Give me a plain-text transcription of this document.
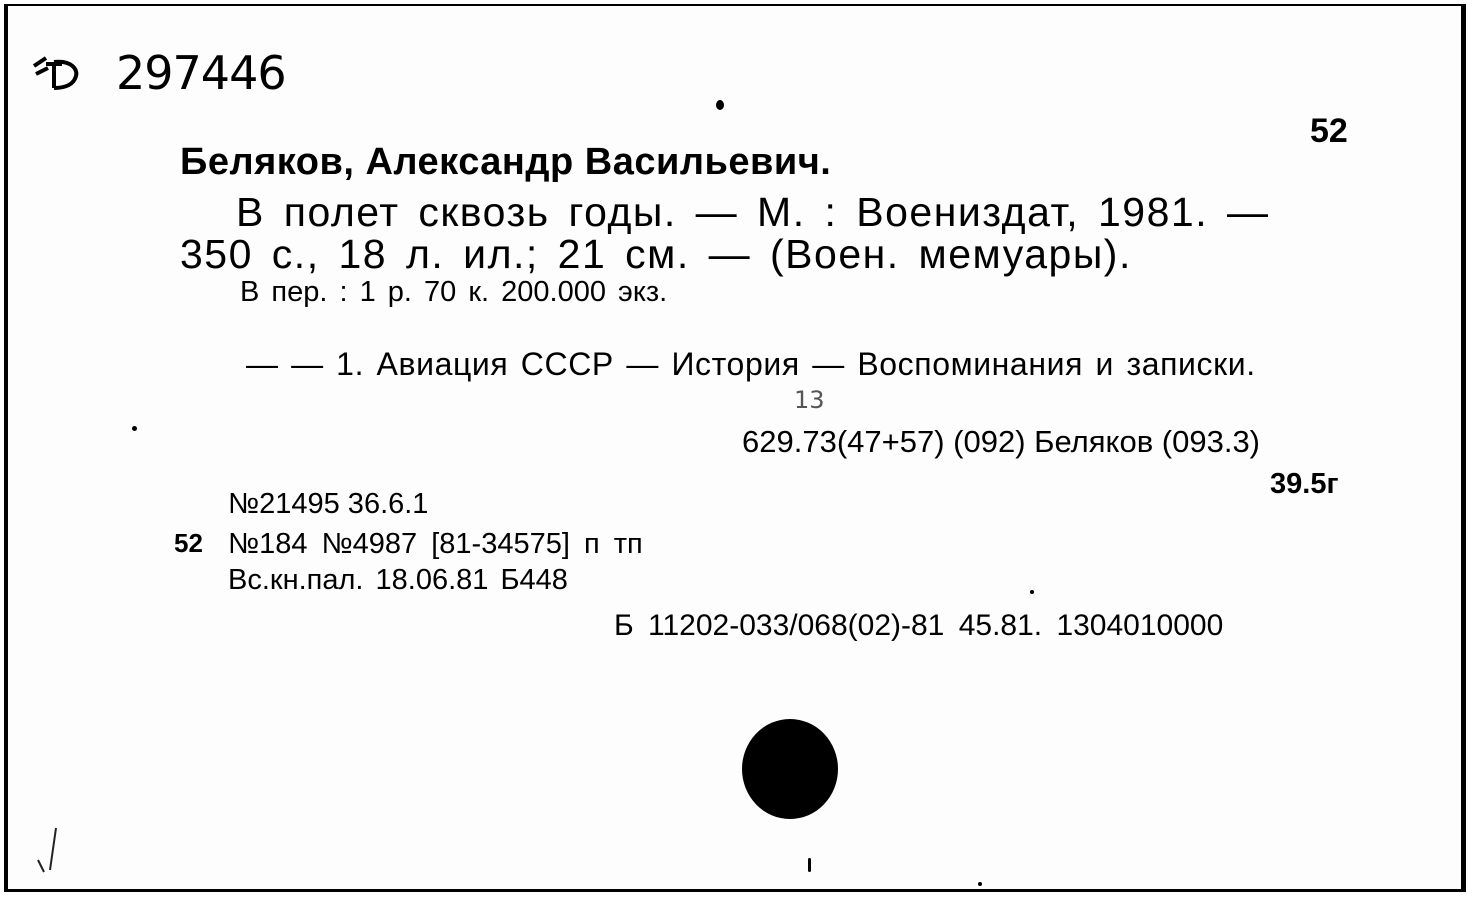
297446
52
Беляков, Александр Васильевич.
В полет сквозь годы. — М. : Воениздат, 1981. —
350 с., 18 л. ил.; 21 см. — (Воен. мемуары).
В пер. : 1 р. 70 к. 200.000 экз.
— — 1. Авиация СССР — История — Воспоминания и записки.
13
629.73(47+57) (092) Беляков (093.3)
39.5г
№21495 36.6.1
52 №184 №4987 [81-34575] п тп
Вс.кн.пал. 18.06.81 Б448
Б 11202-033/068(02)-81 45.81. 1304010000
